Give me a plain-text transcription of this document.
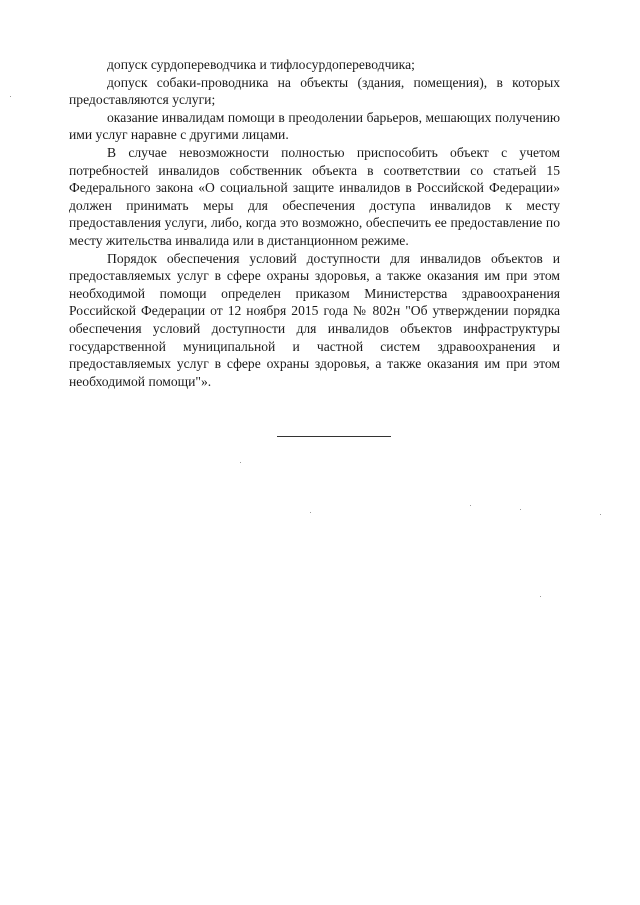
допуск сурдопереводчика и тифлосурдопереводчика;

допуск собаки-проводника на объекты (здания, помещения), в которых предоставляются услуги;

оказание инвалидам помощи в преодолении барьеров, мешающих получению ими услуг наравне с другими лицами.

В случае невозможности полностью приспособить объект с учетом потребностей инвалидов собственник объекта в соответствии со статьей 15 Федерального закона «О социальной защите инвалидов в Российской Федерации» должен принимать меры для обеспечения доступа инвалидов к месту предоставления услуги, либо, когда это возможно, обеспечить ее предоставление по месту жительства инвалида или в дистанционном режиме.

Порядок обеспечения условий доступности для инвалидов объектов и предоставляемых услуг в сфере охраны здоровья, а также оказания им при этом необходимой помощи определен приказом Министерства здравоохранения Российской Федерации от 12 ноября 2015 года № 802н "Об утверждении порядка обеспечения условий доступности для инвалидов объектов инфраструктуры государственной муниципальной и частной систем здравоохранения и предоставляемых услуг в сфере охраны здоровья, а также оказания им при этом необходимой помощи"».
